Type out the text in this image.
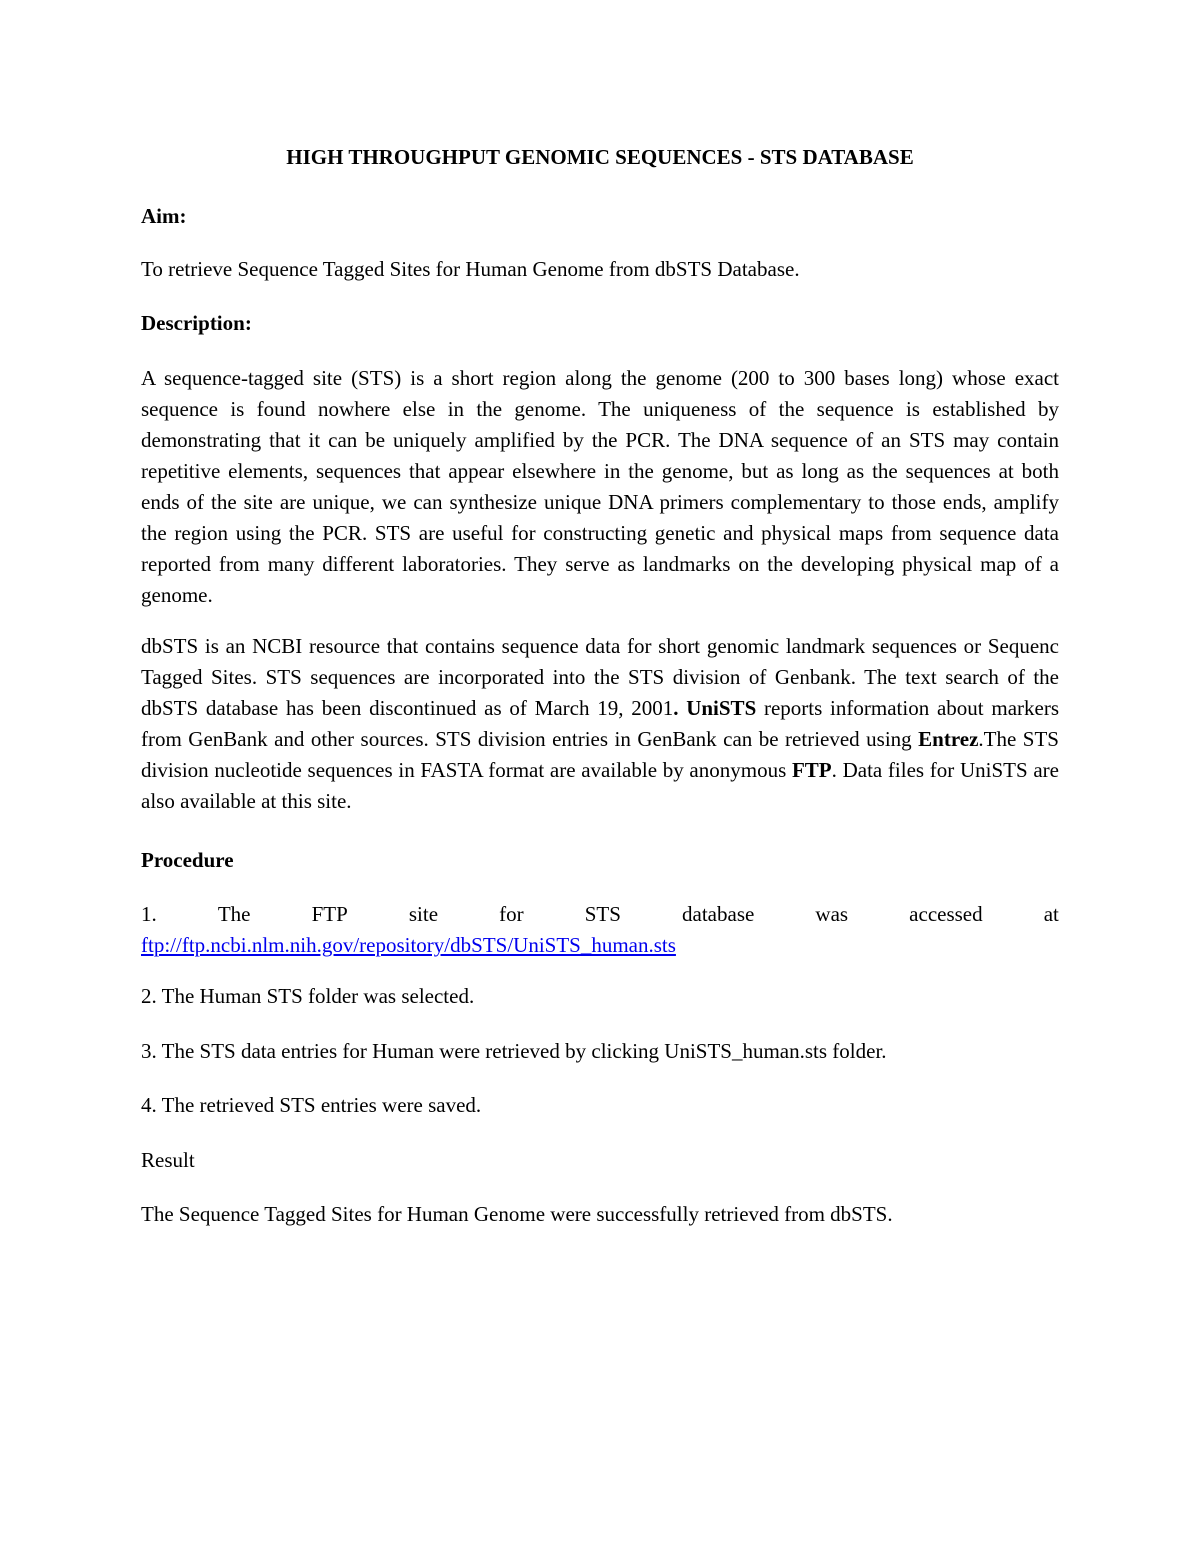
HIGH THROUGHPUT GENOMIC SEQUENCES - STS DATABASE
Aim:
To retrieve Sequence Tagged Sites for Human Genome from dbSTS Database.
Description:
A sequence-tagged site (STS) is a short region along the genome (200 to 300 bases long) whose exact sequence is found nowhere else in the genome. The uniqueness of the sequence is established by demonstrating that it can be uniquely amplified by the PCR. The DNA sequence of an STS may contain repetitive elements, sequences that appear elsewhere in the genome, but as long as the sequences at both ends of the site are unique, we can synthesize unique DNA primers complementary to those ends, amplify the region using the PCR. STS are useful for constructing genetic and physical maps from sequence data reported from many different laboratories. They serve as landmarks on the developing physical map of a genome.
dbSTS is an NCBI resource that contains sequence data for short genomic landmark sequences or Sequenc Tagged Sites. STS sequences are incorporated into the STS division of Genbank. The text search of the dbSTS database has been discontinued as of March 19, 2001. UniSTS reports information about markers from GenBank and other sources. STS division entries in GenBank can be retrieved using Entrez.The STS division nucleotide sequences in FASTA format are available by anonymous FTP. Data files for UniSTS are also available at this site.
Procedure
1.	The	FTP	site	for	STS	database	was	accessed	at
ftp://ftp.ncbi.nlm.nih.gov/repository/dbSTS/UniSTS_human.sts
2. The Human STS folder was selected.
3. The STS data entries for Human were retrieved by clicking UniSTS_human.sts folder.
4. The retrieved STS entries were saved.
Result
The Sequence Tagged Sites for Human Genome were successfully retrieved from dbSTS.
